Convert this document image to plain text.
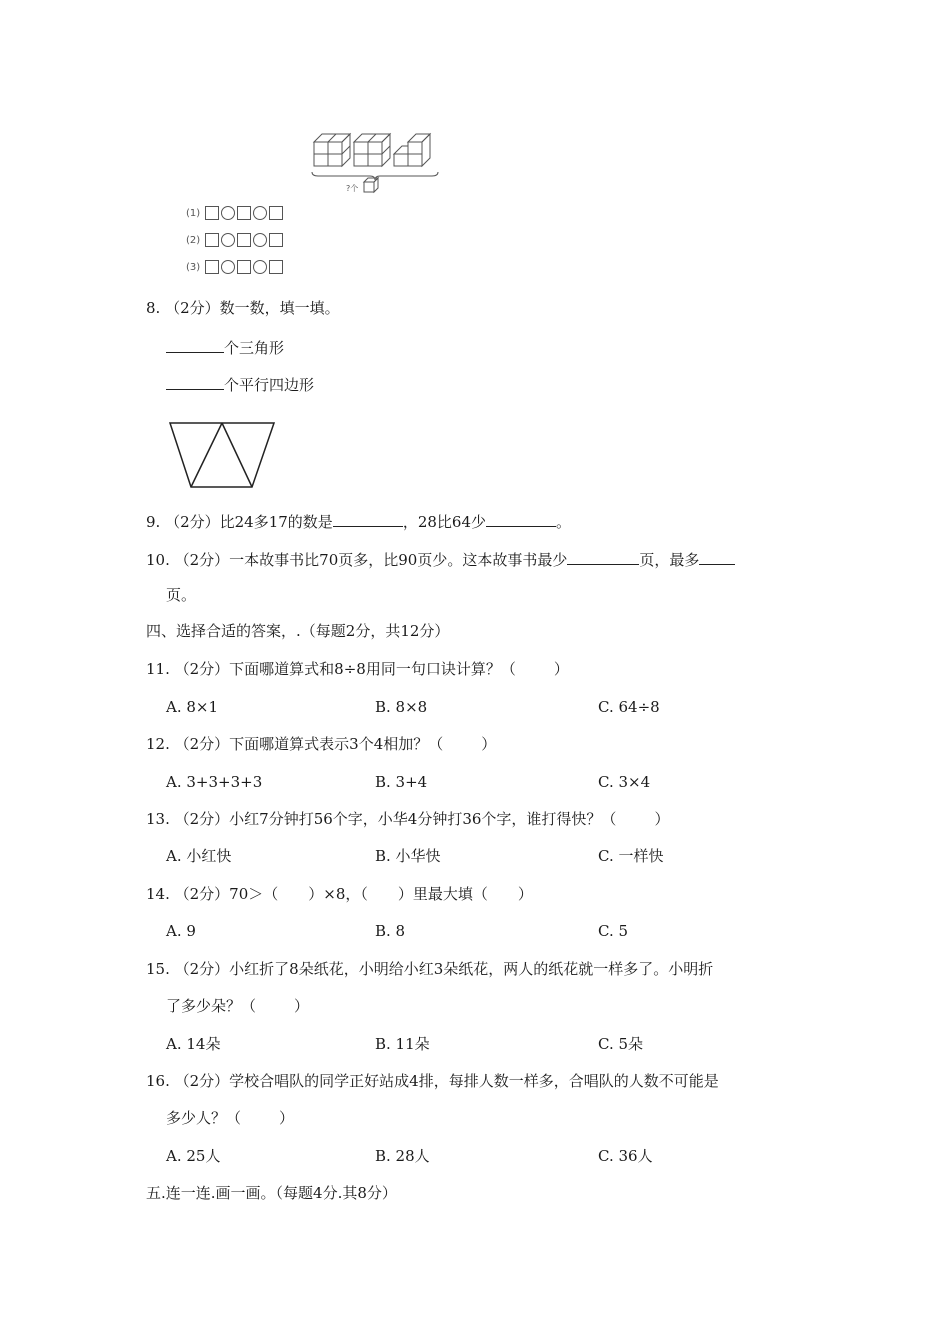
?个
(1)
(2)
(3)
8. （2分）数一数，填一填。
个三角形
个平行四边形
9. （2分）比24多17的数是	，28比64少	。
10. （2分）一本故事书比70页多，比90页少。这本故事书最少	页，最多
页。
四、选择合适的答案，.（每题2分，共12分）
11. （2分）下面哪道算式和8÷8用同一句口诀计算？（	）
A. 8×1	B. 8×8	C. 64÷8
12. （2分）下面哪道算式表示3个4相加？（	）
A. 3+3+3+3	B. 3+4	C. 3×4
13. （2分）小红7分钟打56个字，小华4分钟打36个字，谁打得快？（	）
A. 小红快	B. 小华快	C. 一样快
14. （2分）70＞（ ）×8，（ ）里最大填（ ）
A. 9	B. 8	C. 5
15. （2分）小红折了8朵纸花，小明给小红3朵纸花，两人的纸花就一样多了。小明折
了多少朵？（	）
A. 14朵	B. 11朵	C. 5朵
16. （2分）学校合唱队的同学正好站成4排，每排人数一样多，合唱队的人数不可能是
多少人？（	）
A. 25人	B. 28人	C. 36人
五.连一连.画一画。（每题4分.其8分）
